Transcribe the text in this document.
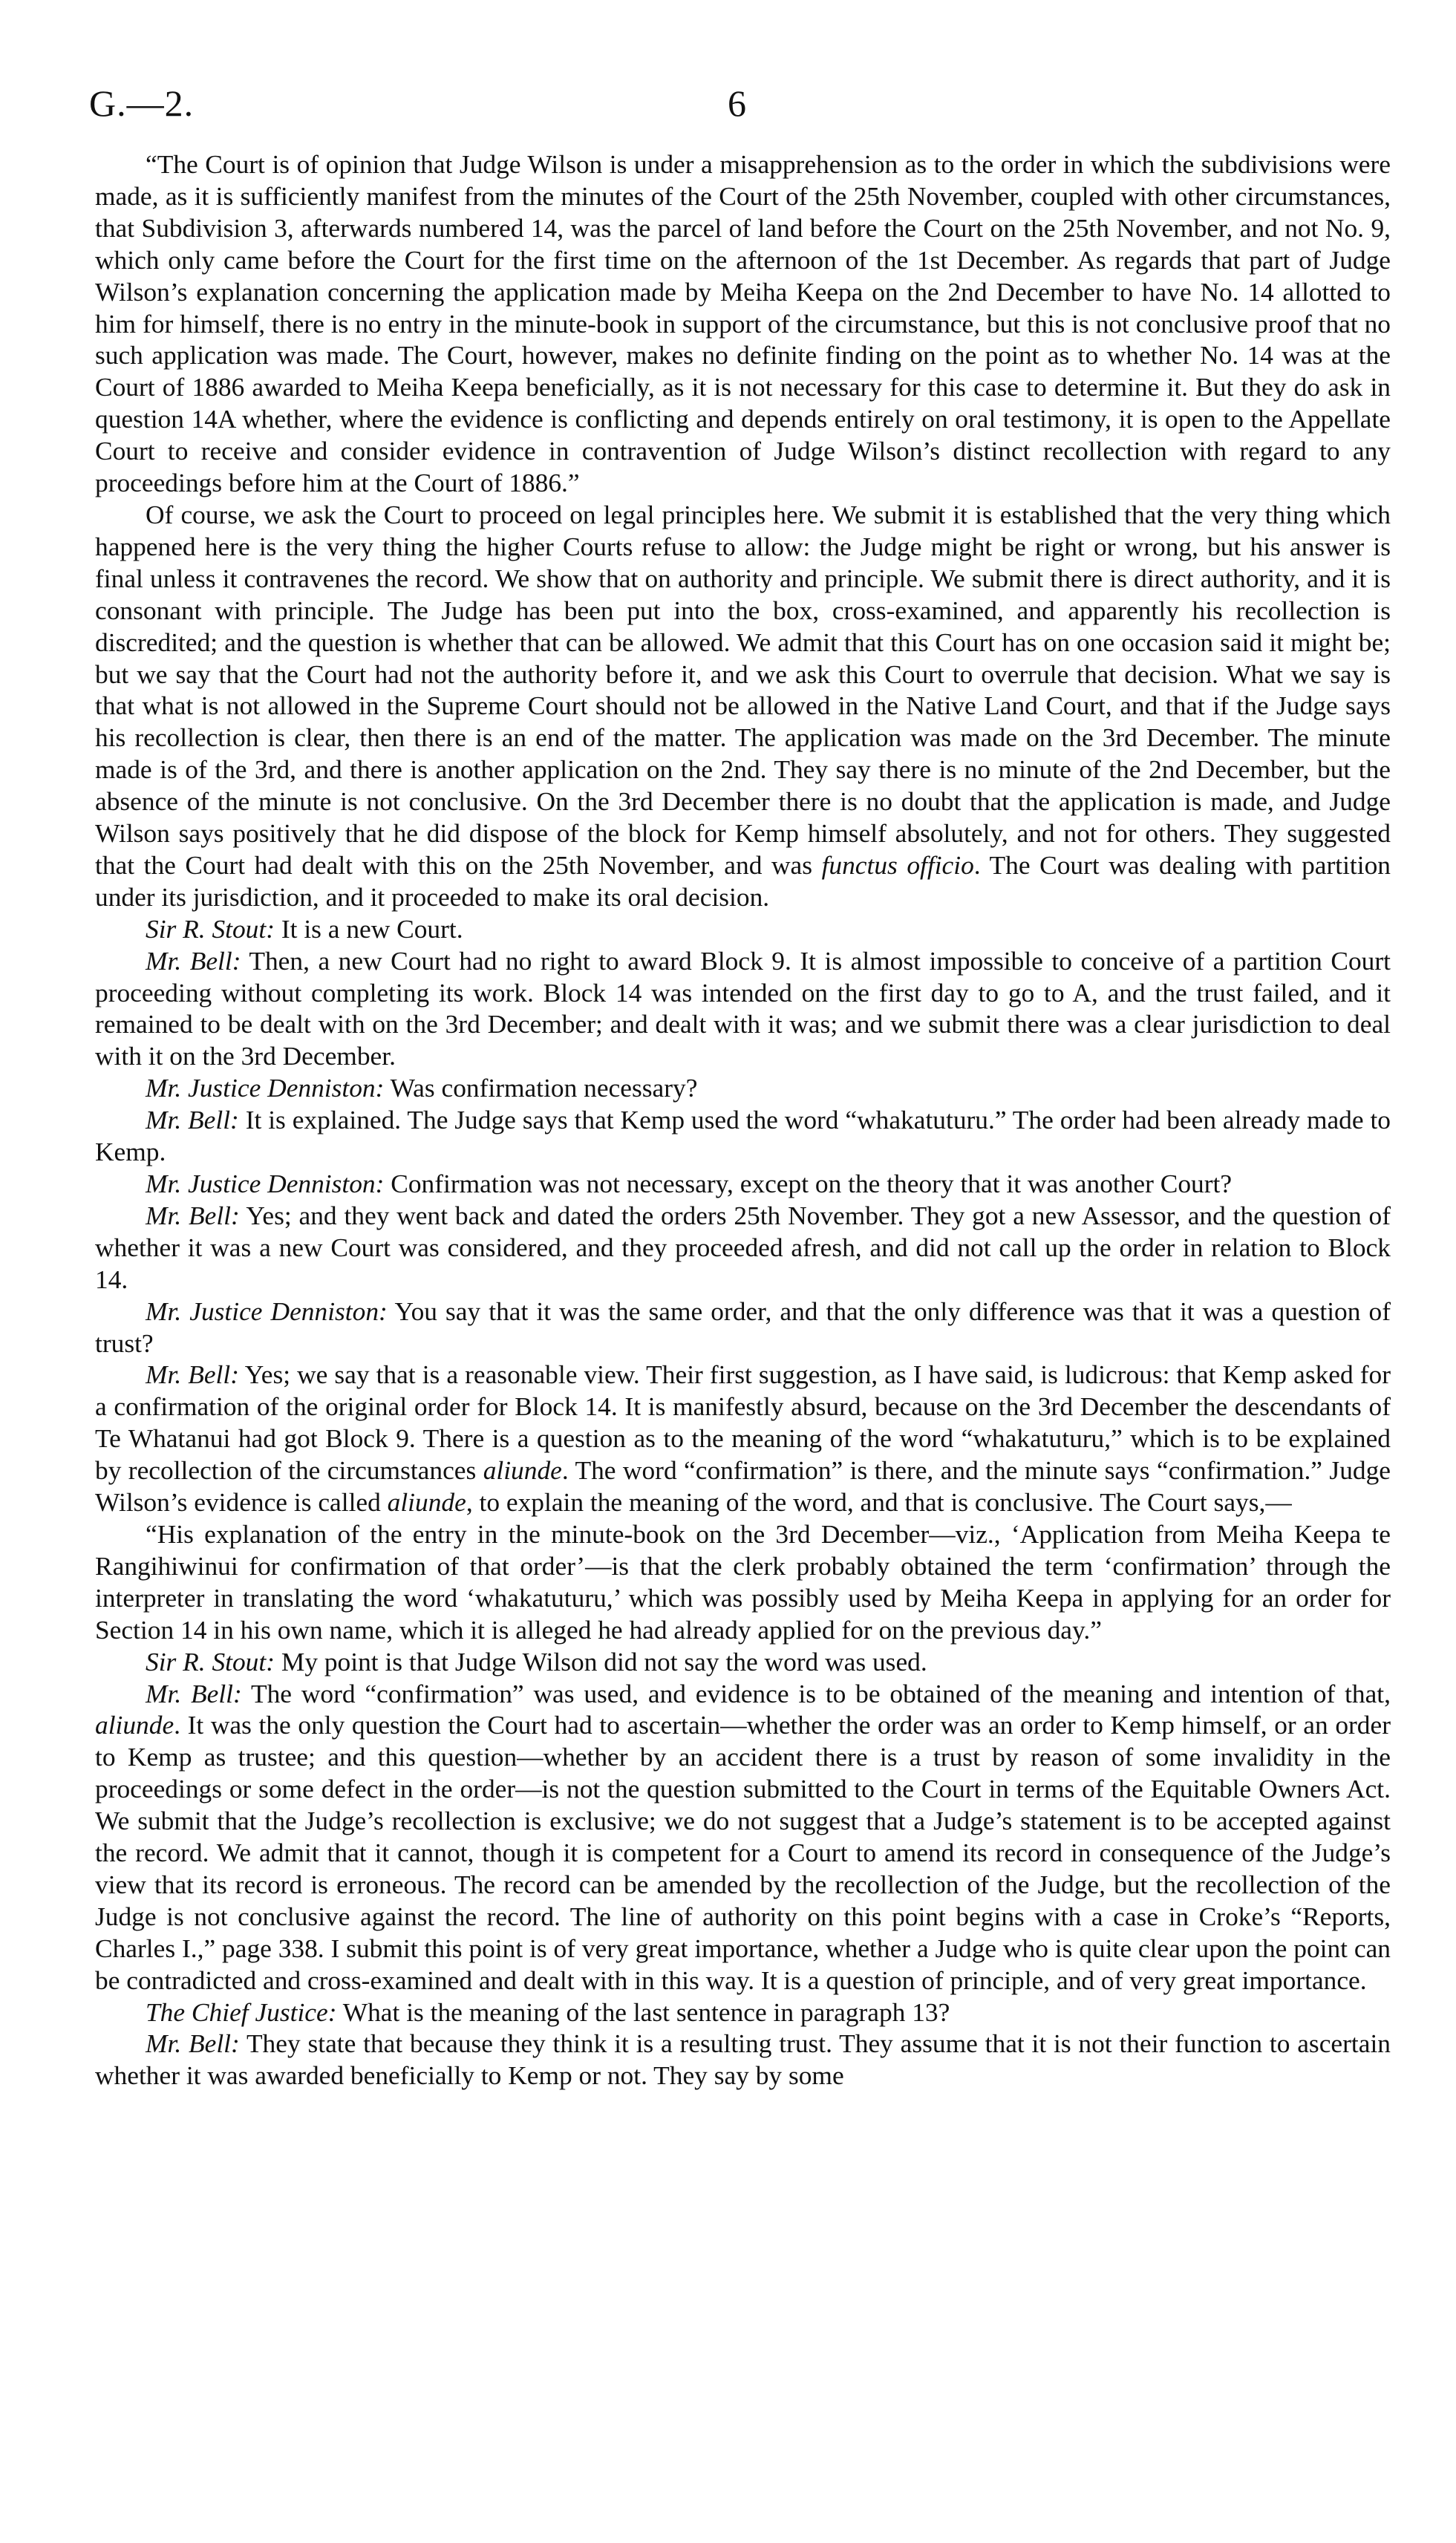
G.—2.	6

“The Court is of opinion that Judge Wilson is under a misapprehension as to the order in which the subdivisions were made, as it is sufficiently manifest from the minutes of the Court of the 25th November, coupled with other circumstances, that Subdivision 3, afterwards numbered 14, was the parcel of land before the Court on the 25th November, and not No. 9, which only came before the Court for the first time on the afternoon of the 1st December. As regards that part of Judge Wilson’s explanation concerning the application made by Meiha Keepa on the 2nd December to have No. 14 allotted to him for himself, there is no entry in the minute-book in support of the circumstance, but this is not conclusive proof that no such application was made. The Court, however, makes no definite finding on the point as to whether No. 14 was at the Court of 1886 awarded to Meiha Keepa beneficially, as it is not necessary for this case to determine it. But they do ask in question 14A whether, where the evidence is conflicting and depends entirely on oral testimony, it is open to the Appellate Court to receive and consider evidence in contravention of Judge Wilson’s distinct recollection with regard to any proceedings before him at the Court of 1886.”

Of course, we ask the Court to proceed on legal principles here. We submit it is established that the very thing which happened here is the very thing the higher Courts refuse to allow: the Judge might be right or wrong, but his answer is final unless it contravenes the record. We show that on authority and principle. We submit there is direct authority, and it is consonant with principle. The Judge has been put into the box, cross-examined, and apparently his recollection is discredited; and the question is whether that can be allowed. We admit that this Court has on one occasion said it might be; but we say that the Court had not the authority before it, and we ask this Court to overrule that decision. What we say is that what is not allowed in the Supreme Court should not be allowed in the Native Land Court, and that if the Judge says his recollection is clear, then there is an end of the matter. The application was made on the 3rd December. The minute made is of the 3rd, and there is another application on the 2nd. They say there is no minute of the 2nd December, but the absence of the minute is not conclusive. On the 3rd December there is no doubt that the application is made, and Judge Wilson says positively that he did dispose of the block for Kemp himself absolutely, and not for others. They suggested that the Court had dealt with this on the 25th November, and was functus officio. The Court was dealing with partition under its jurisdiction, and it proceeded to make its oral decision.

Sir R. Stout: It is a new Court.

Mr. Bell: Then, a new Court had no right to award Block 9. It is almost impossible to conceive of a partition Court proceeding without completing its work. Block 14 was intended on the first day to go to A, and the trust failed, and it remained to be dealt with on the 3rd December; and dealt with it was; and we submit there was a clear jurisdiction to deal with it on the 3rd December.

Mr. Justice Denniston: Was confirmation necessary?

Mr. Bell: It is explained. The Judge says that Kemp used the word “whakatuturu.” The order had been already made to Kemp.

Mr. Justice Denniston: Confirmation was not necessary, except on the theory that it was another Court?

Mr. Bell: Yes; and they went back and dated the orders 25th November. They got a new Assessor, and the question of whether it was a new Court was considered, and they proceeded afresh, and did not call up the order in relation to Block 14.

Mr. Justice Denniston: You say that it was the same order, and that the only difference was that it was a question of trust?

Mr. Bell: Yes; we say that is a reasonable view. Their first suggestion, as I have said, is ludicrous: that Kemp asked for a confirmation of the original order for Block 14. It is manifestly absurd, because on the 3rd December the descendants of Te Whatanui had got Block 9. There is a question as to the meaning of the word “whakatuturu,” which is to be explained by recollection of the circumstances aliunde. The word “confirmation” is there, and the minute says “confirmation.” Judge Wilson’s evidence is called aliunde, to explain the meaning of the word, and that is conclusive. The Court says,—

“His explanation of the entry in the minute-book on the 3rd December—viz., ‘Application from Meiha Keepa te Rangihiwinui for confirmation of that order’—is that the clerk probably obtained the term ‘confirmation’ through the interpreter in translating the word ‘whakatuturu,’ which was possibly used by Meiha Keepa in applying for an order for Section 14 in his own name, which it is alleged he had already applied for on the previous day.”

Sir R. Stout: My point is that Judge Wilson did not say the word was used.

Mr. Bell: The word “confirmation” was used, and evidence is to be obtained of the meaning and intention of that, aliunde. It was the only question the Court had to ascertain—whether the order was an order to Kemp himself, or an order to Kemp as trustee; and this question—whether by an accident there is a trust by reason of some invalidity in the proceedings or some defect in the order—is not the question submitted to the Court in terms of the Equitable Owners Act. We submit that the Judge’s recollection is exclusive; we do not suggest that a Judge’s statement is to be accepted against the record. We admit that it cannot, though it is competent for a Court to amend its record in consequence of the Judge’s view that its record is erroneous. The record can be amended by the recollection of the Judge, but the recollection of the Judge is not conclusive against the record. The line of authority on this point begins with a case in Croke’s “Reports, Charles I.,” page 338. I submit this point is of very great importance, whether a Judge who is quite clear upon the point can be contradicted and cross-examined and dealt with in this way. It is a question of principle, and of very great importance.

The Chief Justice: What is the meaning of the last sentence in paragraph 13?

Mr. Bell: They state that because they think it is a resulting trust. They assume that it is not their function to ascertain whether it was awarded beneficially to Kemp or not. They say by some
